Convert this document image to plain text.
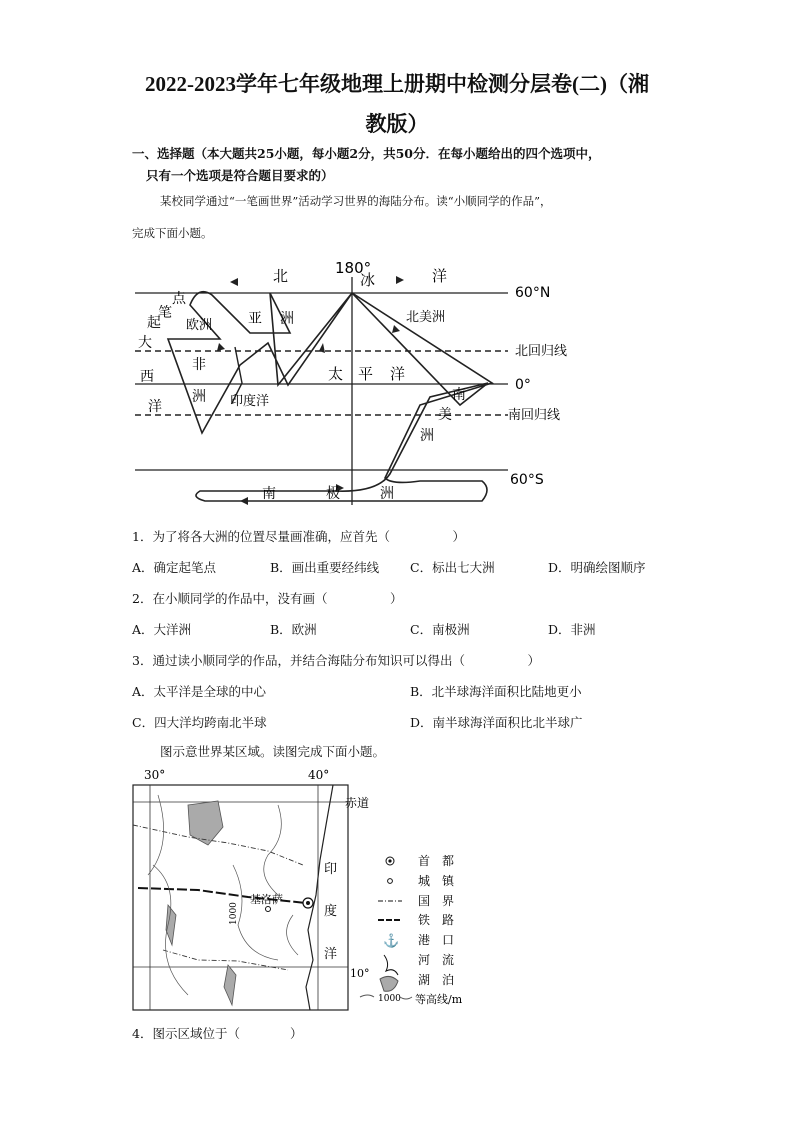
2022-2023学年七年级地理上册期中检测分层卷(二)（湘
教版）
一、选择题（本大题共25小题，每小题2分，共50分．在每小题给出的四个选项中，
只有一个选项是符合题目要求的）
某校同学通过“一笔画世界”活动学习世界的海陆分布。读“小顺同学的作品”，
完成下面小题。
180°
60°N
北回归线
0°
南回归线
60°S
北	冰	洋
点
笔
起
大
西
洋
欧洲	亚 洲
非
洲 印度洋
太 平 洋
北美洲
南
美
洲
南	极	洲
1．为了将各大洲的位置尽量画准确，应首先（　　　　　）
A．确定起笔点	B．画出重要经纬线 C．标出七大洲	D．明确绘图顺序
2．在小顺同学的作品中，没有画（　　　　　）
A．大洋洲	B．欧洲	C．南极洲	D．非洲
3．通过读小顺同学的作品，并结合海陆分布知识可以得出（　　　　　）
A．太平洋是全球的中心	B．北半球海洋面积比陆地更小
C．四大洋均跨南北半球	D．南半球海洋面积比北半球广
图示意世界某区域。读图完成下面小题。
30°	40°
基洛萨
1000
赤道
印
度
洋
10°
⚓
1000
首　都
城　镇
国　界
铁　路
港　口
河　流
湖　泊
等高线/m
4．图示区域位于（　　　　）
